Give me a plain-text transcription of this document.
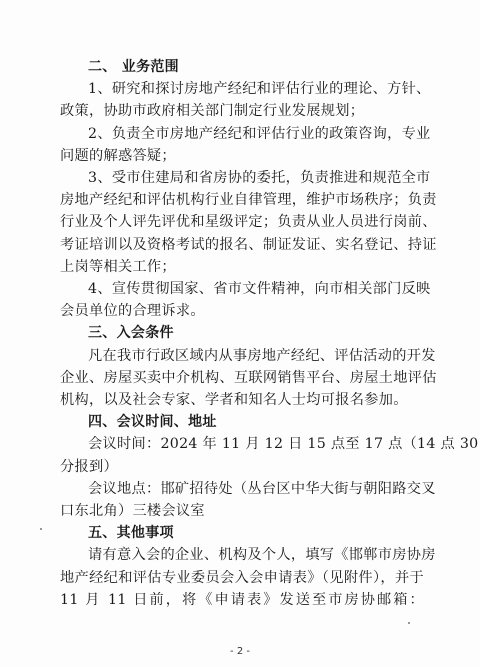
二、 业务范围
1、研究和探讨房地产经纪和评估行业的理论、方针、
政策，协助市政府相关部门制定行业发展规划；
2、负责全市房地产经纪和评估行业的政策咨询，专业
问题的解惑答疑；
3、受市住建局和省房协的委托，负责推进和规范全市
房地产经纪和评估机构行业自律管理，维护市场秩序；负责
行业及个人评先评优和星级评定；负责从业人员进行岗前、
考证培训以及资格考试的报名、制证发证、实名登记、持证
上岗等相关工作；
4、宣传贯彻国家、省市文件精神，向市相关部门反映
会员单位的合理诉求。
三、入会条件
凡在我市行政区域内从事房地产经纪、评估活动的开发
企业、房屋买卖中介机构、互联网销售平台、房屋土地评估
机构，以及社会专家、学者和知名人士均可报名参加。
四、会议时间、地址
会议时间：2024 年 11 月 12 日 15 点至 17 点（14 点 30
分报到）
会议地点：邯矿招待处（丛台区中华大街与朝阳路交叉
口东北角）三楼会议室
五、其他事项
请有意入会的企业、机构及个人，填写《邯郸市房协房
地产经纪和评估专业委员会入会申请表》（见附件），并于
11 月 11 日前，将《申请表》发送至市房协邮箱：
- 2 -
